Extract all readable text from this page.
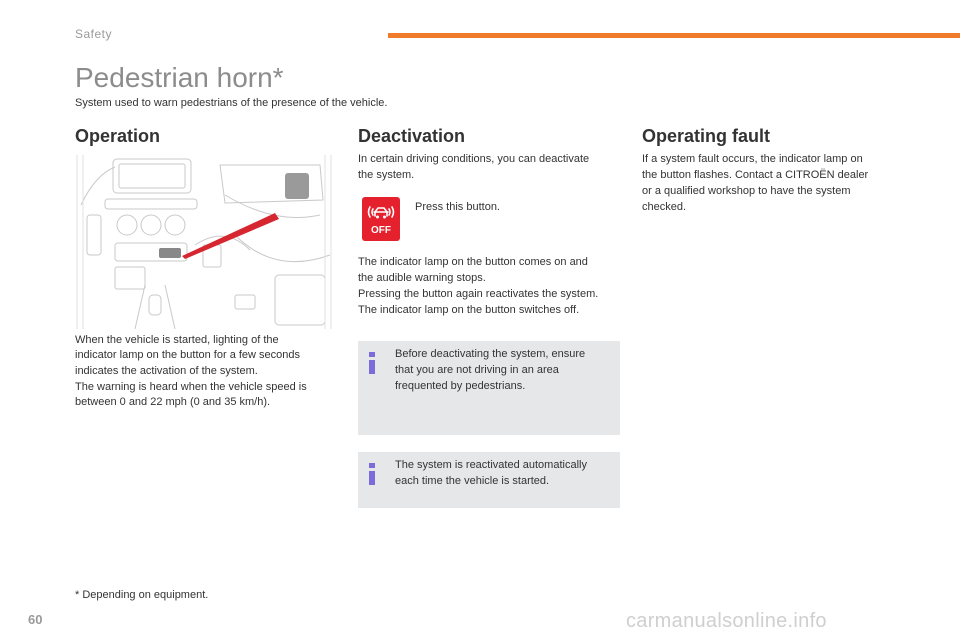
Safety
Pedestrian horn*
System used to warn pedestrians of the presence of the vehicle.
Operation

When the vehicle is started, lighting of the

indicator lamp on the button for a few seconds

indicates the activation of the system.

The warning is heard when the vehicle speed is

between 0 and 22 mph (0 and 35 km/h).

Deactivation

In certain driving conditions, you can deactivate

the system.

OFF

Press this button.

The indicator lamp on the button comes on and

the audible warning stops.

Pressing the button again reactivates the system.

The indicator lamp on the button switches off.

Before deactivating the system, ensure

that you are not driving in an area

frequented by pedestrians.

The system is reactivated automatically

each time the vehicle is started.

Operating fault

If a system fault occurs, the indicator lamp on

the button flashes. Contact a CITROËN dealer

or a qualified workshop to have the system

checked.

* Depending on equipment.
60	carmanualsonline.info
